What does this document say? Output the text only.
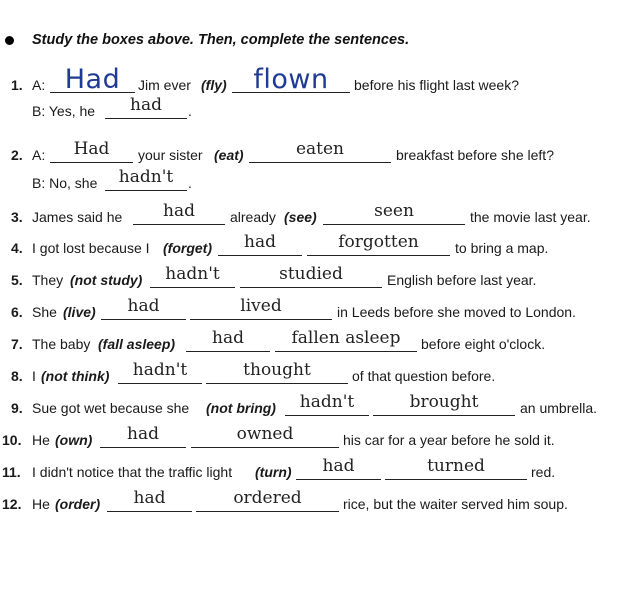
Study the boxes above. Then, complete the sentences.
1. A: Had	Jim ever (fly) flown	before his flight last week?
B: Yes, he	had	.
2. A:	Had	your sister (eat)	eaten	breakfast before she left?
B: No, she	hadn't	.
3. James said he	had	already (see)	seen	the movie last year.
4. I got lost because I (forget)	had	forgotten	to bring a map.
5. They (not study)	hadn't	studied	English before last year.
6. She (live)	had	lived	in Leeds before she moved to London.
7. The baby (fall asleep)	had	fallen asleep	before eight o'clock.
8. I (not think)	hadn't	thought	of that question before.
9. Sue got wet because she (not bring)	hadn't	brought	an umbrella.
10. He (own)	had	owned	his car for a year before he sold it.
11. I didn't notice that the traffic light (turn)	had	turned	red.
12. He (order)	had	ordered	rice, but the waiter served him soup.
